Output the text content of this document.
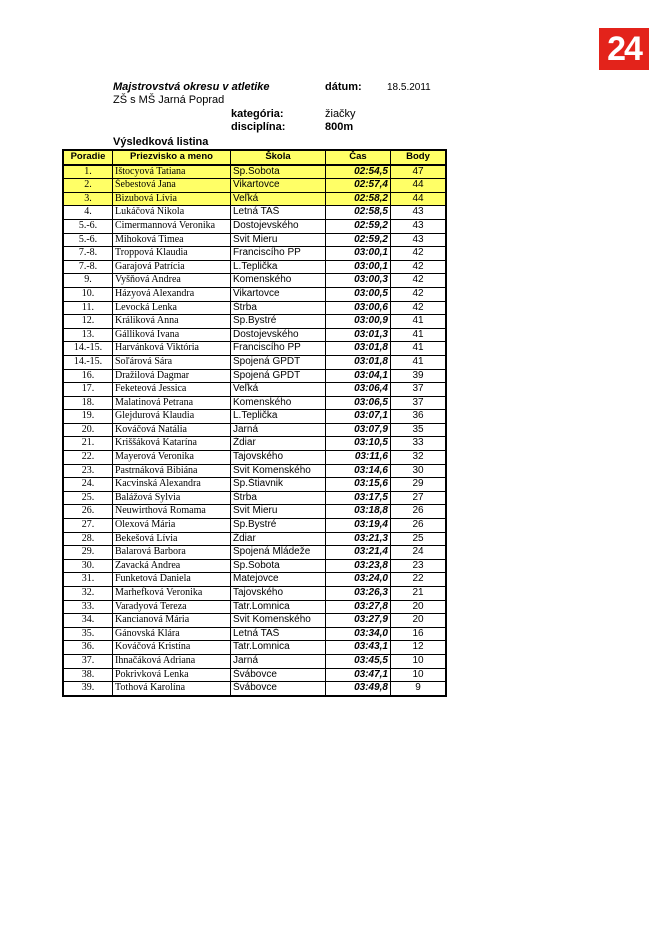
24
Majstrovstvá okresu v atletike	dátum:	18.5.2011
ZŠ s MŠ Jarná Poprad
kategória:	žiačky
disciplína:	800m
Výsledková listina
Poradie	Priezvisko a meno	Škola	Čas	Body
1.	Ištocyová Tatiana	Sp.Sobota	02:54,5	47
2.	Šebestová Jana	Vikartovce	02:57,4	44
3.	Bizubová Lívia	Veľká	02:58,2	44
4.	Lukáčová Nikola	Letná TAŠ	02:58,5	43
5.-6.	Cimermannová Veronika	Dostojevského	02:59,2	43
5.-6.	Mihoková Timea	Svit Mieru	02:59,2	43
7.-8.	Troppová Klaudia	Franciscího PP	03:00,1	42
7.-8.	Garajová Patrícia	L.Teplička	03:00,1	42
9.	Vyšňová Andrea	Komenského	03:00,3	42
10.	Házyová Alexandra	Vikartovce	03:00,5	42
11.	Levocká Lenka	Štrba	03:00,6	42
12.	Králiková Anna	Sp.Bystré	03:00,9	41
13.	Gálliková Ivana	Dostojevského	03:01,3	41
14.-15.	Harvánková Viktória	Franciscího PP	03:01,8	41
14.-15.	Soľárová Sára	Spojená GPDT	03:01,8	41
16.	Dražilová Dagmar	Spojená GPDT	03:04,1	39
17.	Feketeová Jessica	Veľká	03:06,4	37
18.	Malatinová Petrana	Komenského	03:06,5	37
19.	Glejdurová Klaudia	L.Teplička	03:07,1	36
20.	Kováčová Natália	Jarná	03:07,9	35
21.	Kriššáková Katarína	Ždiar	03:10,5	33
22.	Mayerová Veronika	Tajovského	03:11,6	32
23.	Pastrnáková Bibiána	Svit Komenského	03:14,6	30
24.	Kacvinská Alexandra	Sp.Štiavnik	03:15,6	29
25.	Balážová Sylvia	Štrba	03:17,5	27
26.	Neuwirthová Romama	Svit Mieru	03:18,8	26
27.	Olexová Mária	Sp.Bystré	03:19,4	26
28.	Bekešová Lívia	Ždiar	03:21,3	25
29.	Balarová Barbora	Spojená Mládeže	03:21,4	24
30.	Zavacká Andrea	Sp.Sobota	03:23,8	23
31.	Funketová Daniela	Matejovce	03:24,0	22
32.	Marhefková Veronika	Tajovského	03:26,3	21
33.	Varadyová Tereza	Tatr.Lomnica	03:27,8	20
34.	Kancianová Mária	Svit Komenského	03:27,9	20
35.	Gánovská Klára	Letná TAŠ	03:34,0	16
36.	Kováčová Kristína	Tatr.Lomnica	03:43,1	12
37.	Ihnačáková Adriana	Jarná	03:45,5	10
38.	Pokrivková Lenka	Švábovce	03:47,1	10
39.	Tothová Karolína	Švábovce	03:49,8	9
